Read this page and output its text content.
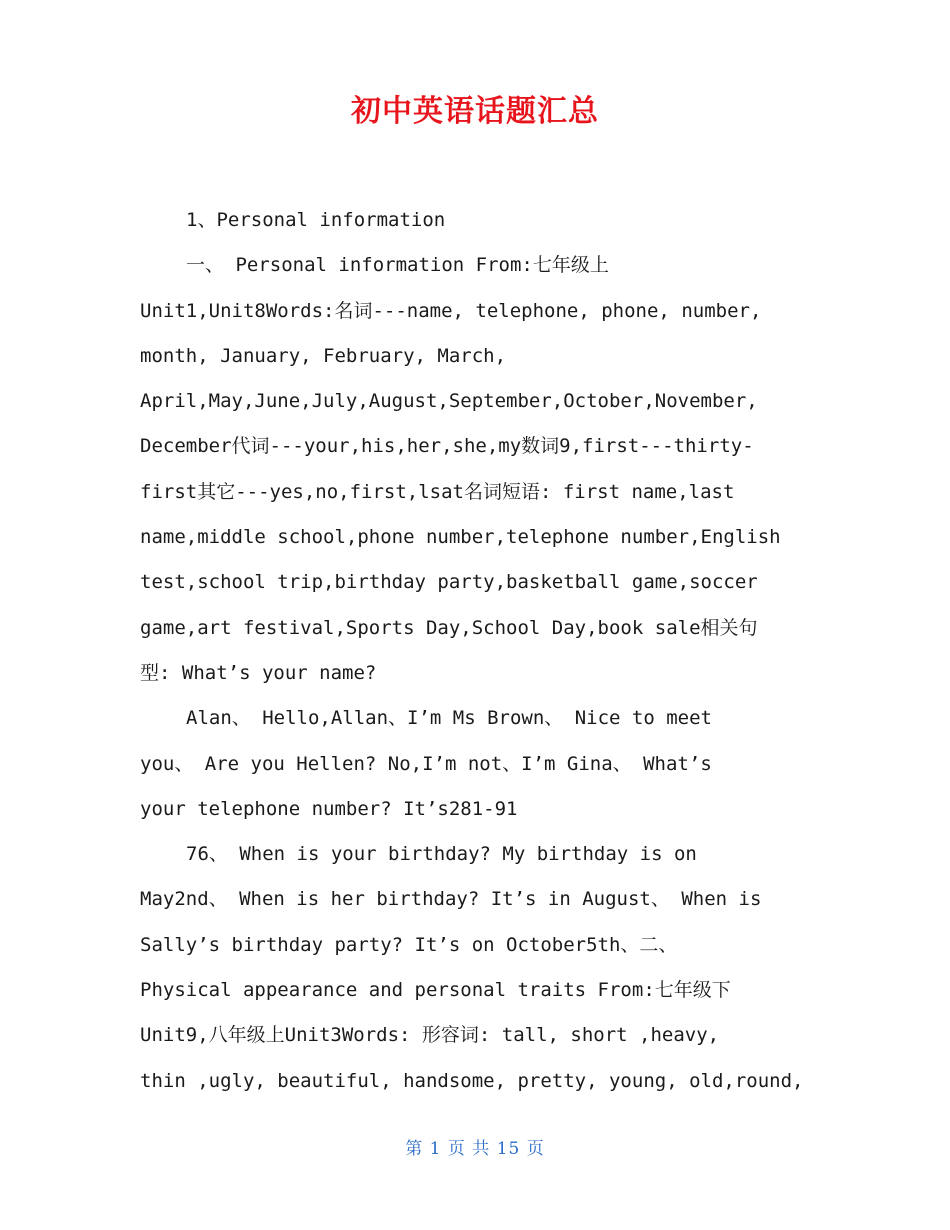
初中英语话题汇总
1、Personal information
一、 Personal information From:七年级上
Unit1,Unit8Words:名词---name, telephone, phone, number,
month, January, February, March,
April,May,June,July,August,September,October,November,
December代词---your,his,her,she,my数词9,first---thirty-
first其它---yes,no,first,lsat名词短语: first name,last
name,middle school,phone number,telephone number,English
test,school trip,birthday party,basketball game,soccer
game,art festival,Sports Day,School Day,book sale相关句
型: What’s your name?
Alan、 Hello,Allan、I’m Ms Brown、 Nice to meet
you、 Are you Hellen? No,I’m not、I’m Gina、 What’s
your telephone number? It’s281-91
76、 When is your birthday? My birthday is on
May2nd、 When is her birthday? It’s in August、 When is
Sally’s birthday party? It’s on October5th、二、
Physical appearance and personal traits From:七年级下
Unit9,八年级上Unit3Words: 形容词: tall, short ,heavy,
thin ,ugly, beautiful, handsome, pretty, young, old,round,
第 1 页 共 15 页
